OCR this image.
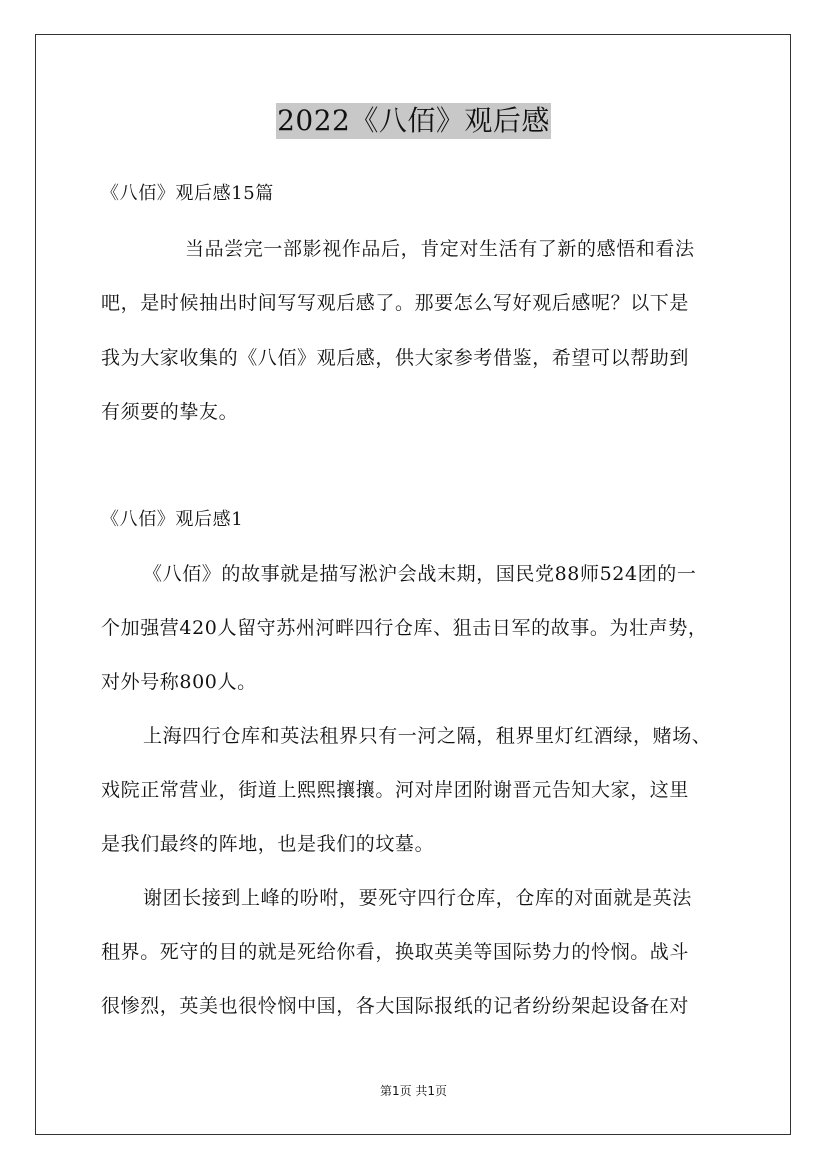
2022《八佰》观后感
《八佰》观后感15篇
当品尝完一部影视作品后，肯定对生活有了新的感悟和看法
吧，是时候抽出时间写写观后感了。那要怎么写好观后感呢？以下是
我为大家收集的《八佰》观后感，供大家参考借鉴，希望可以帮助到
有须要的挚友。
《八佰》观后感1
《八佰》的故事就是描写淞沪会战末期，国民党88师524团的一
个加强营420人留守苏州河畔四行仓库、狙击日军的故事。为壮声势，
对外号称800人。
上海四行仓库和英法租界只有一河之隔，租界里灯红酒绿，赌场、
戏院正常营业，街道上熙熙攘攘。河对岸团附谢晋元告知大家，这里
是我们最终的阵地，也是我们的坟墓。
谢团长接到上峰的吩咐，要死守四行仓库，仓库的对面就是英法
租界。死守的目的就是死给你看，换取英美等国际势力的怜悯。战斗
很惨烈，英美也很怜悯中国，各大国际报纸的记者纷纷架起设备在对
第1页 共1页
